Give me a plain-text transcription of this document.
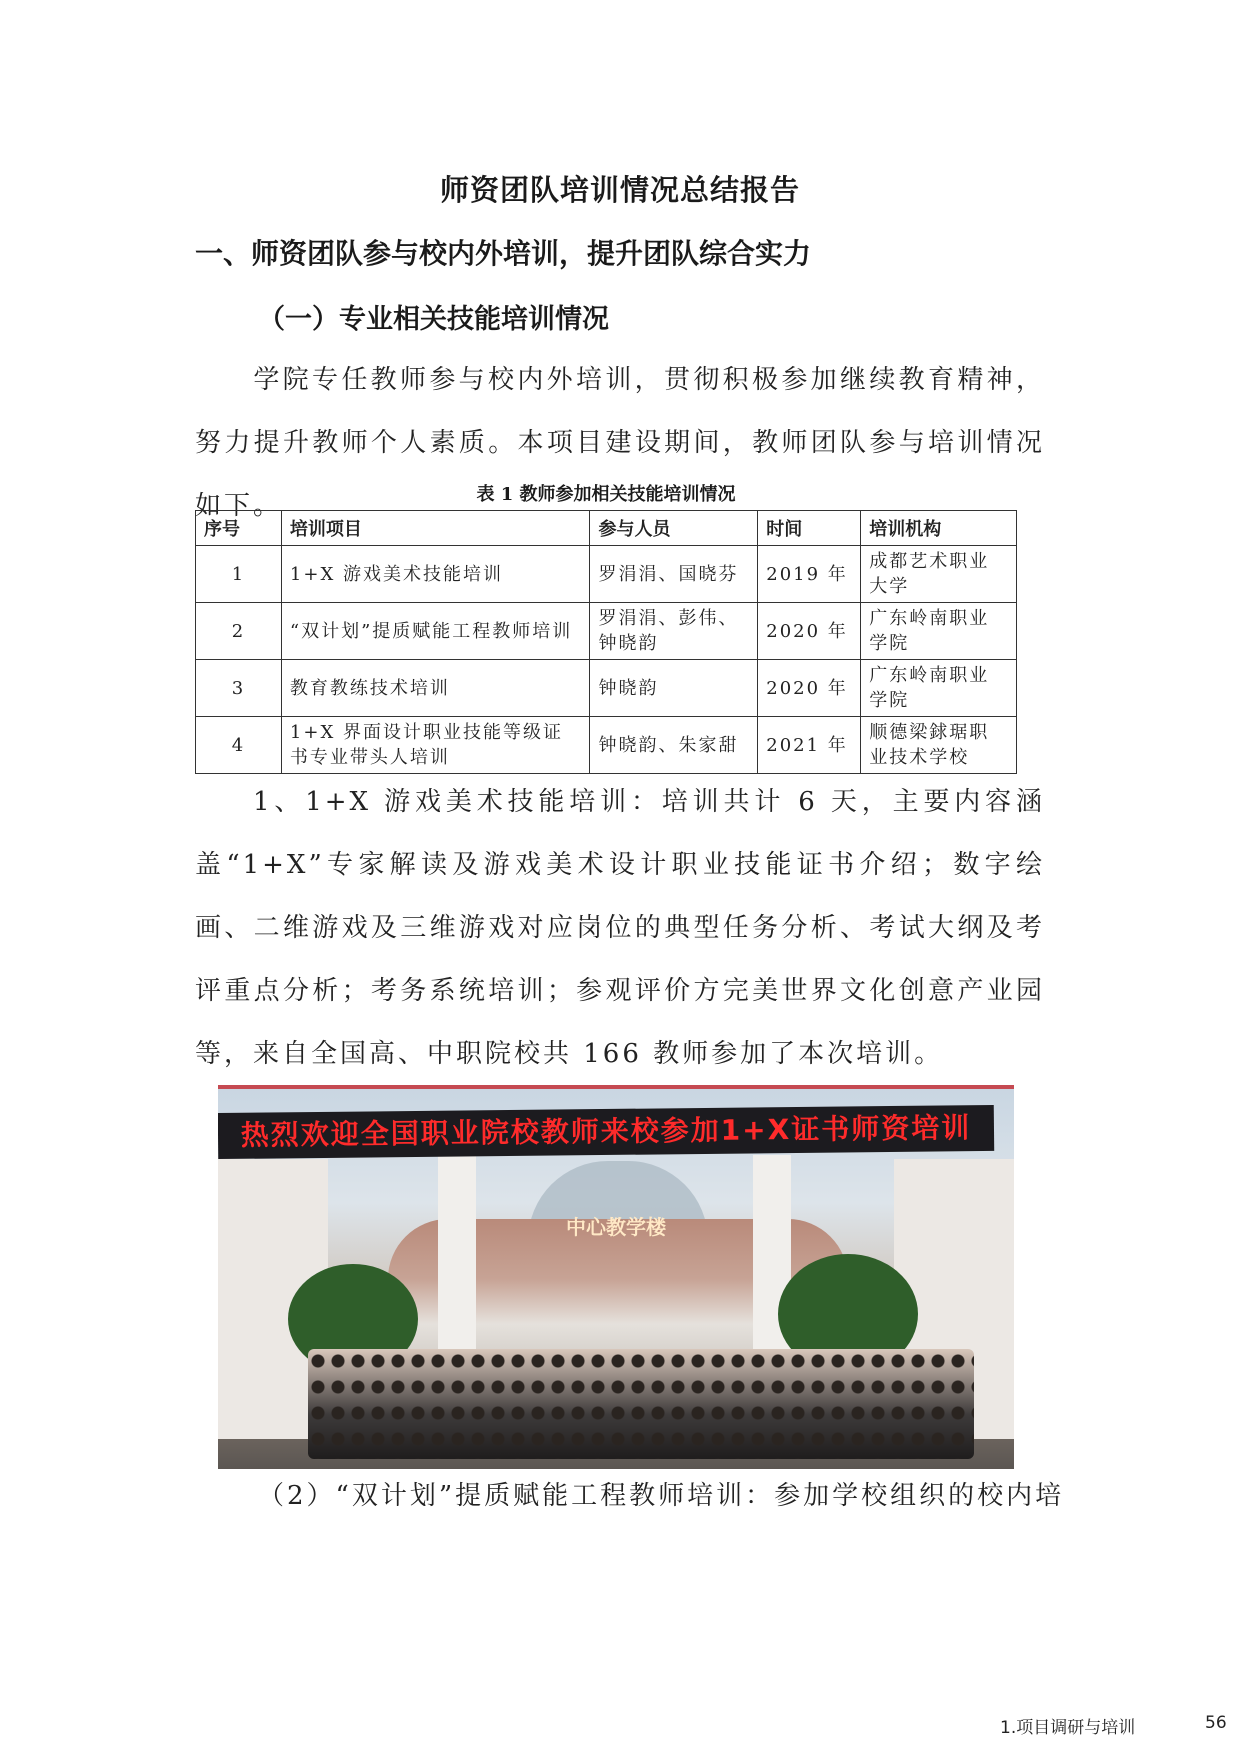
师资团队培训情况总结报告
一、师资团队参与校内外培训，提升团队综合实力
（一）专业相关技能培训情况
学院专任教师参与校内外培训，贯彻积极参加继续教育精神，努力提升教师个人素质。本项目建设期间，教师团队参与培训情况如下。	表 1 教师参加相关技能培训情况
序号	培训项目	参与人员	时间	培训机构
1	1+X 游戏美术技能培训	罗涓涓、国晓芬	2019 年	成都艺术职业大学
2	“双计划”提质赋能工程教师培训	罗涓涓、彭伟、钟晓韵	2020 年	广东岭南职业学院
3	教育教练技术培训	钟晓韵	2020 年	广东岭南职业学院
4	1+X 界面设计职业技能等级证书专业带头人培训	钟晓韵、朱家甜	2021 年	顺德梁銶琚职业技术学校
1、1+X 游戏美术技能培训：培训共计 6 天，主要内容涵盖“1+X”专家解读及游戏美术设计职业技能证书介绍；数字绘画、二维游戏及三维游戏对应岗位的典型任务分析、考试大纲及考评重点分析；考务系统培训；参观评价方完美世界文化创意产业园等，来自全国高、中职院校共 166 教师参加了本次培训。
中心教学楼
热烈欢迎全国职业院校教师来校参加1+X证书师资培训
（2）“双计划”提质赋能工程教师培训：参加学校组织的校内培
1.项目调研与培训	56
